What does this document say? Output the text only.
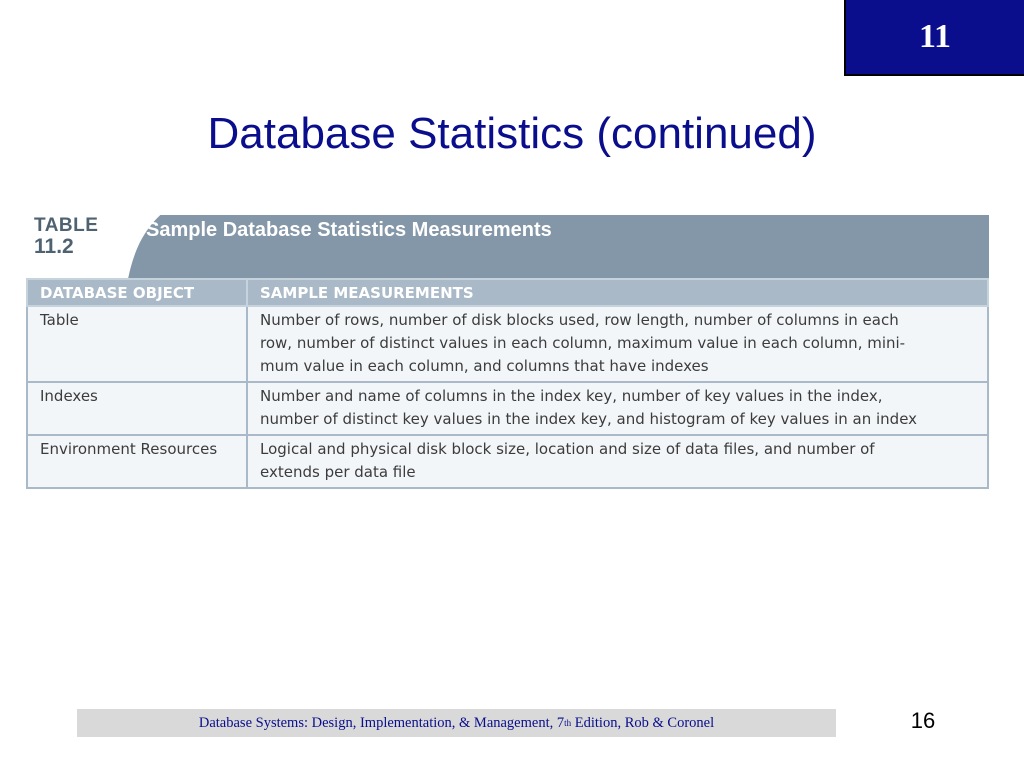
11
Database Statistics (continued)
TABLE
11.2
Sample Database Statistics Measurements
DATABASE OBJECT	SAMPLE MEASUREMENTS
Table	Number of rows, number of disk blocks used, row length, number of columns in each
row, number of distinct values in each column, maximum value in each column, mini-
mum value in each column, and columns that have indexes

Indexes	Number and name of columns in the index key, number of key values in the index,
number of distinct key values in the index key, and histogram of key values in an index

Environment Resources	Logical and physical disk block size, location and size of data files, and number of
extends per data file
Database Systems: Design, Implementation, & Management, 7 th Edition, Rob & Coronel	16
